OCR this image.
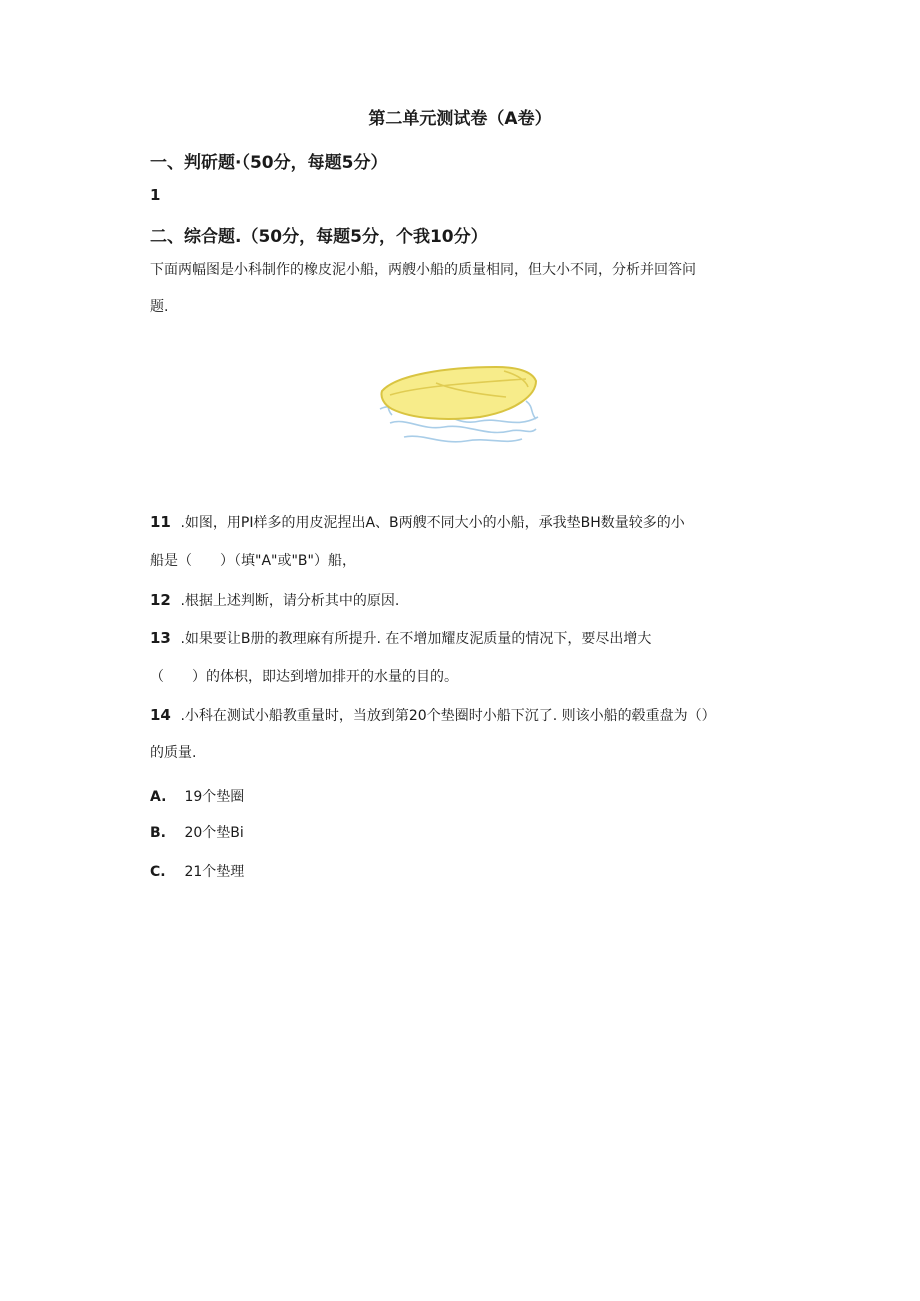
第二单元测试卷（A卷）
一、判斫题·（50分，每题5分）
1
二、综合题.（50分，每题5分，个我10分）
下面两幅图是小科制作的橡皮泥小船，两艘小船的质量相同，但大小不同，分析并回答问
题.
11 .如图，用PI样多的用皮泥捏出A、B两艘不同大小的小船，承我垫BH数量较多的小
船是（　　）（填"A"或"B"）船，
12 .根据上述判断，请分析其中的原因.
13 .如果要让B册的教理麻有所提升. 在不增加耀皮泥质量的情况下，要尽出增大
（　　）的体枳，即达到增加排开的水量的目的。
14 .小科在测试小船教重量时，当放到第20个垫圈时小船下沉了. 则该小船的毂重盘为（）
的质量.
A. 19个垫圈
B. 20个垫Bi
C. 21个垫理
